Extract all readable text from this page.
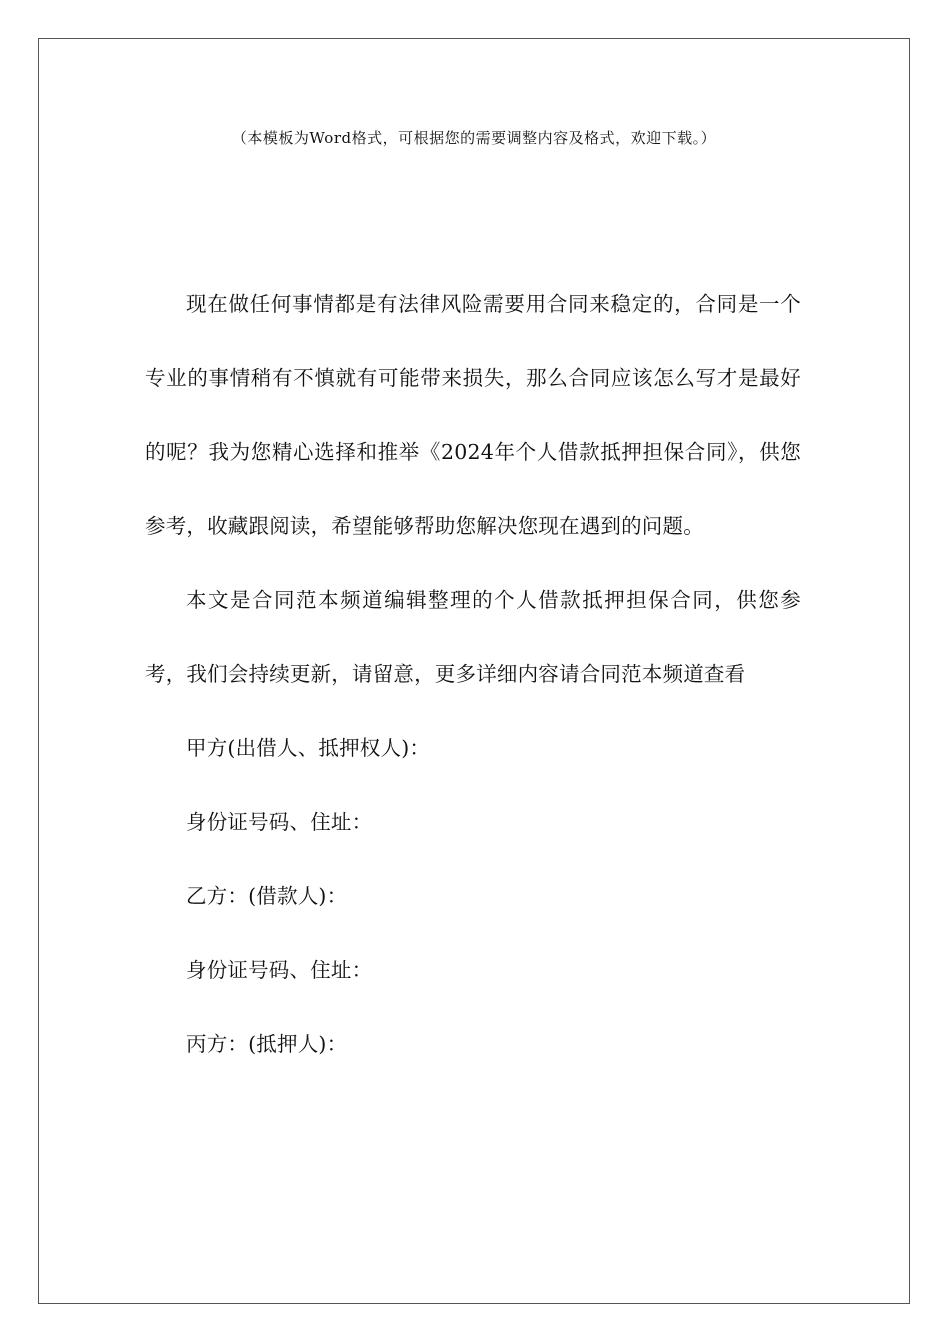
（本模板为Word格式，可根据您的需要调整内容及格式，欢迎下载。）

现在做任何事情都是有法律风险需要用合同来稳定的，合同是一个专业的事情稍有不慎就有可能带来损失，那么合同应该怎么写才是最好的呢？我为您精心选择和推举《2024年个人借款抵押担保合同》，供您参考，收藏跟阅读，希望能够帮助您解决您现在遇到的问题。

本文是合同范本频道编辑整理的个人借款抵押担保合同，供您参考，我们会持续更新，请留意，更多详细内容请合同范本频道查看

甲方(出借人、抵押权人)：

身份证号码、住址：

乙方：(借款人)：

身份证号码、住址：

丙方：(抵押人)：
